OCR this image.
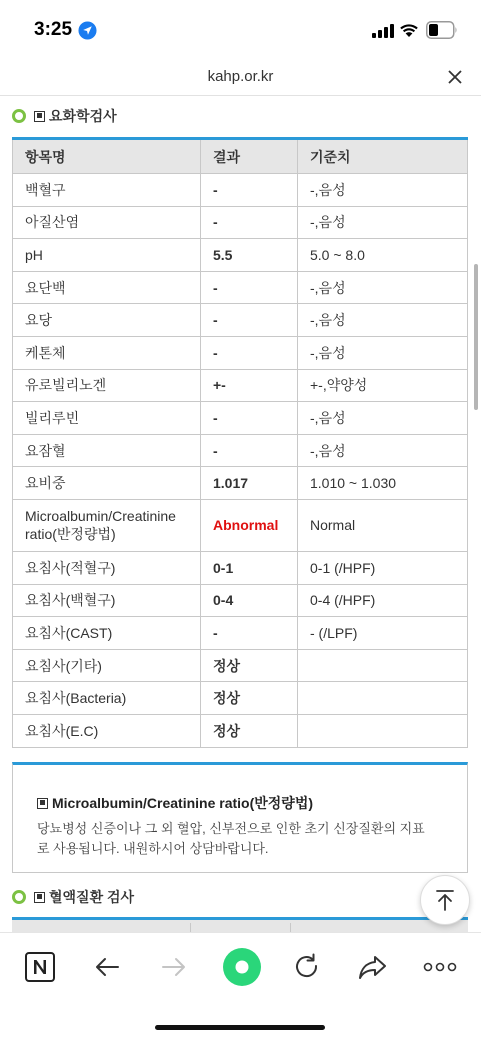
3:25
kahp.or.kr
요화학검사
항목명	결과	기준치
백혈구	-	-,음성
아질산염	-	-,음성
pH	5.5	5.0 ~ 8.0
요단백	-	-,음성
요당	-	-,음성
케톤체	-	-,음성
유로빌리노겐	+-	+-,약양성
빌리루빈	-	-,음성
요잠혈	-	-,음성
요비중	1.017	1.010 ~ 1.030
Microalbumin/Creatinine
ratio(반정량법)	Abnormal	Normal
요침사(적혈구)	0-1	0-1 (/HPF)
요침사(백혈구)	0-4	0-4 (/HPF)
요침사(CAST)	-	- (/LPF)
요침사(기타)	정상	
요침사(Bacteria)	정상	
요침사(E.C)	정상	
Microalbumin/Creatinine ratio(반정량법)
당뇨병성 신증이나 그 외 혈압, 신부전으로 인한 초기 신장질환의 지표
로 사용됩니다. 내원하시어 상담바랍니다.
혈액질환 검사
